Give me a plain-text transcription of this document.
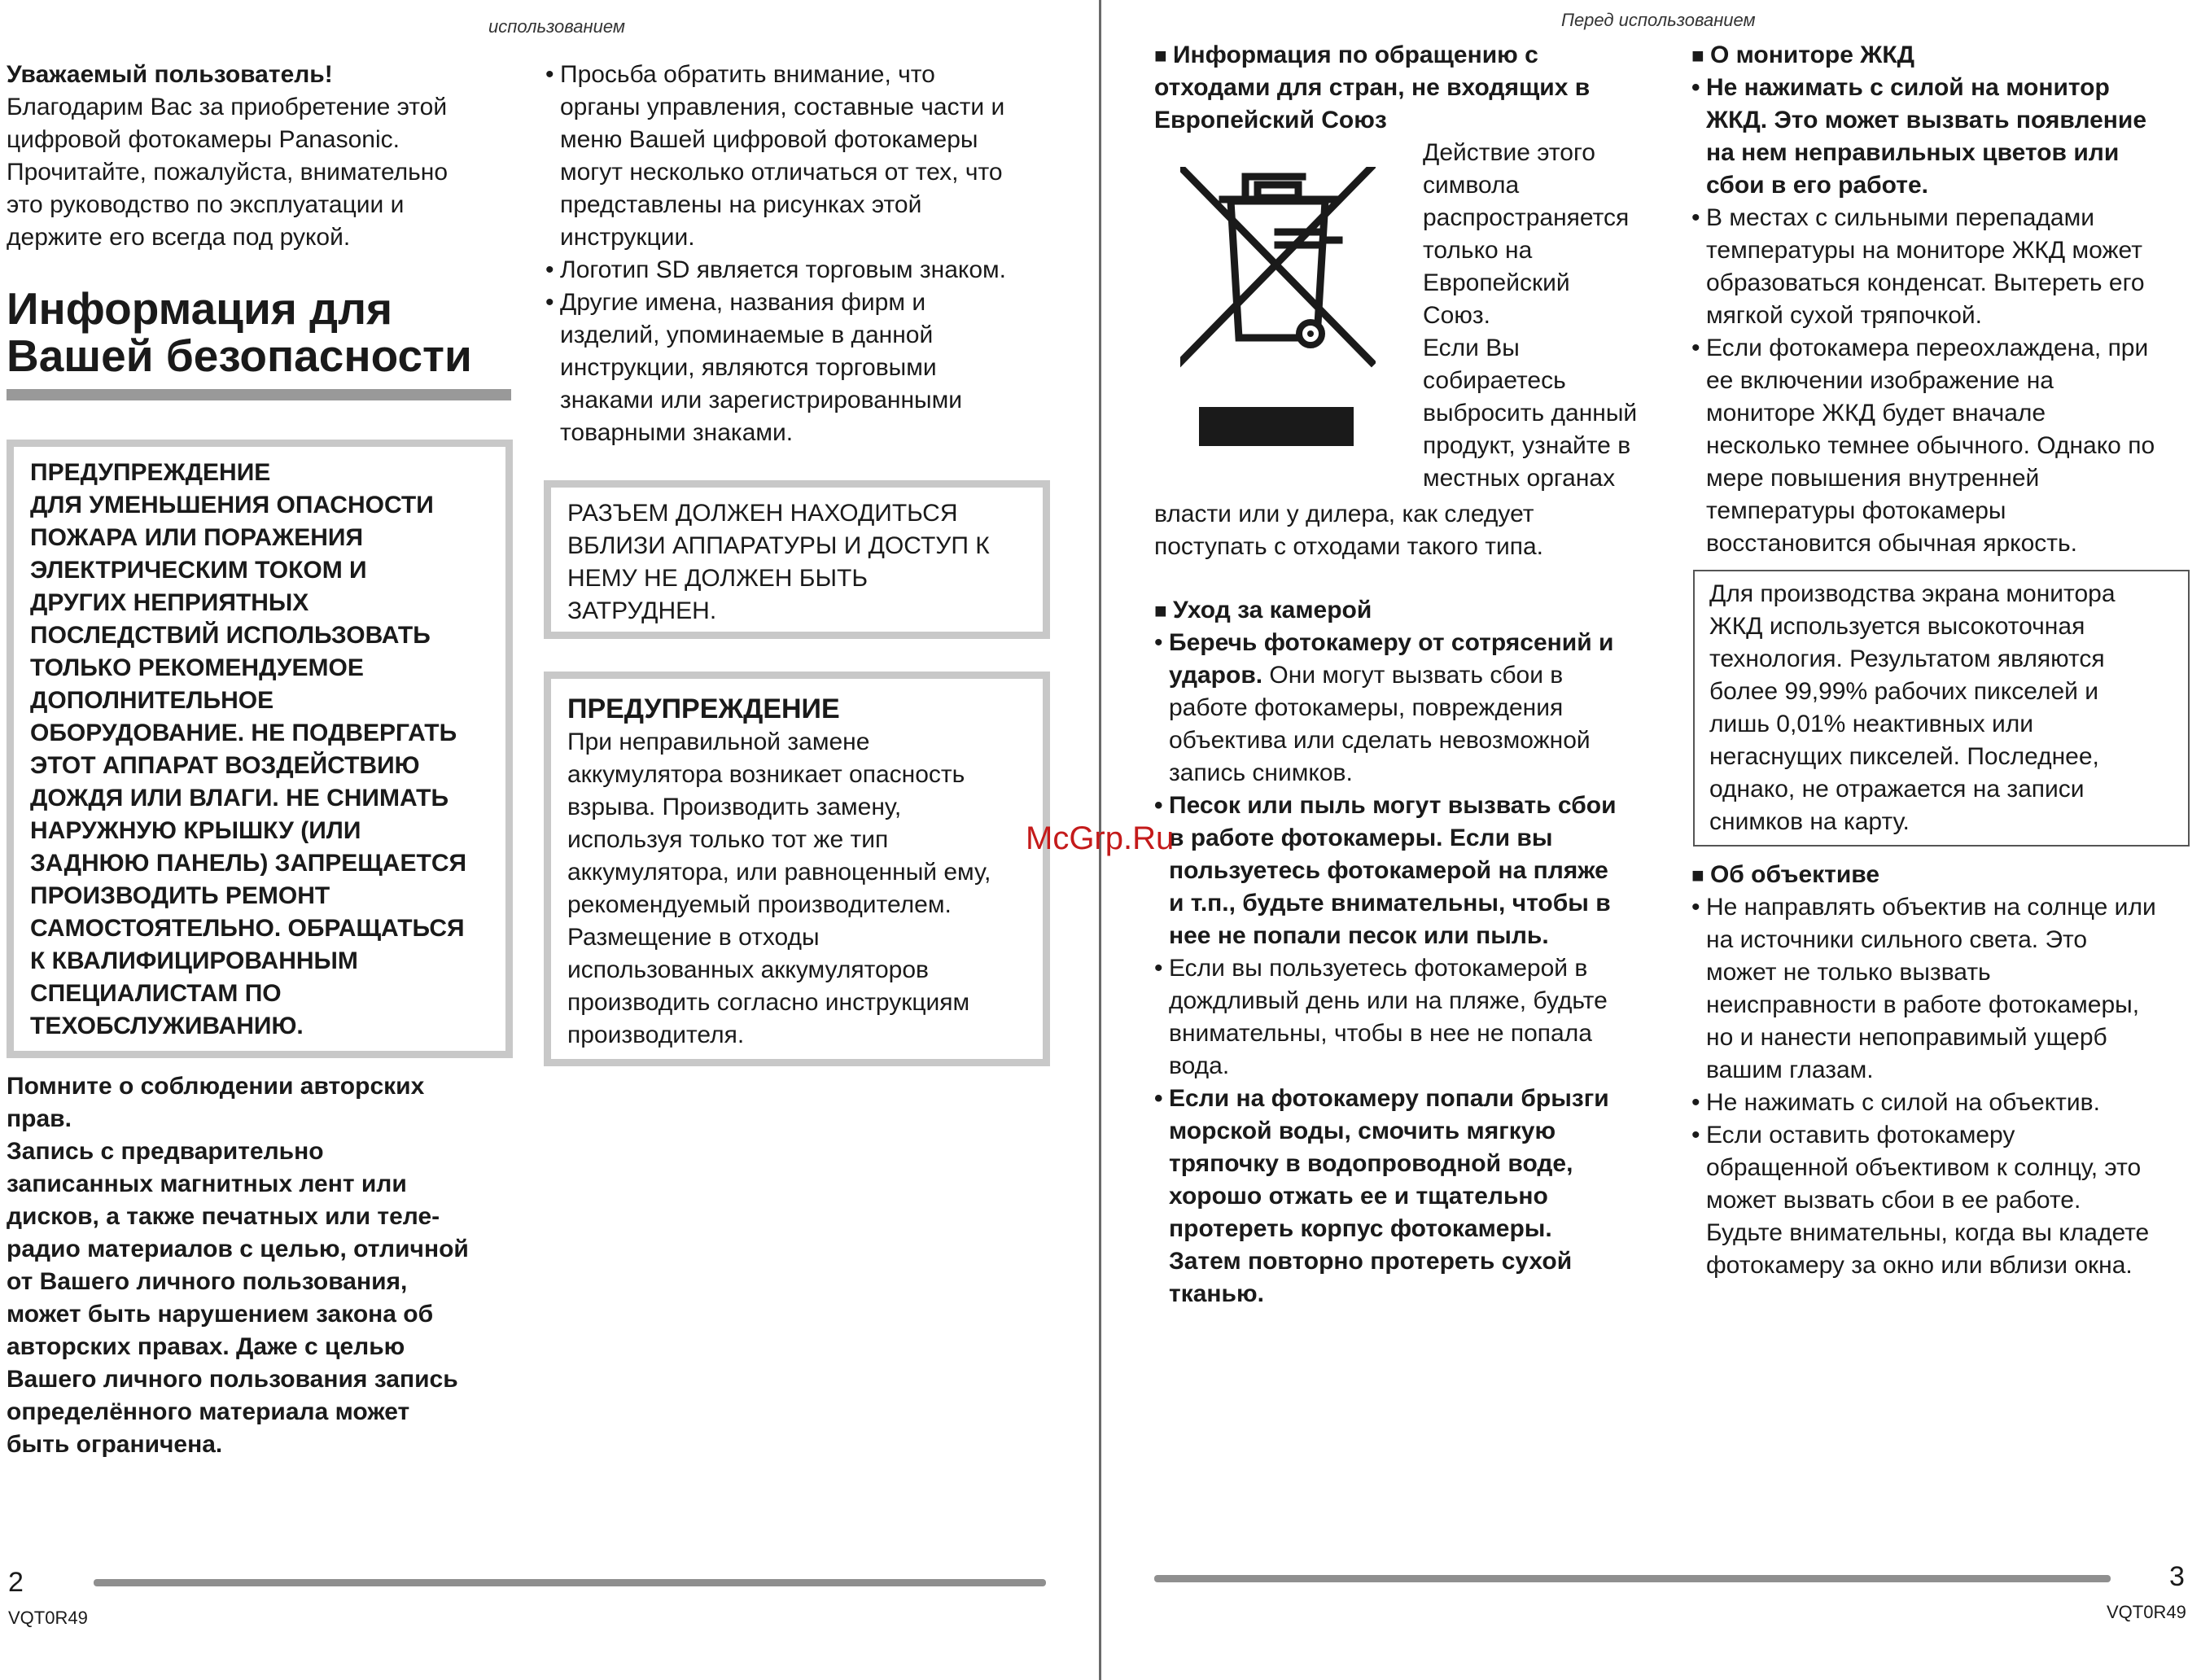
использованием

Уважаемый пользователь!

Благодарим Вас за приобретение этой
цифровой фотокамеры Panasonic.
Прочитайте, пожалуйста, внимательно
это руководство по эксплуатации и
держите его всегда под рукой.
Информация для
Вашей безопасности
ПРЕДУПРЕЖДЕНИЕ
ДЛЯ УМЕНЬШЕНИЯ ОПАСНОСТИ
ПОЖАРА ИЛИ ПОРАЖЕНИЯ
ЭЛЕКТРИЧЕСКИМ ТОКОМ И
ДРУГИХ НЕПРИЯТНЫХ
ПОСЛЕДСТВИЙ ИСПОЛЬЗОВАТЬ
ТОЛЬКО РЕКОМЕНДУЕМОЕ
ДОПОЛНИТЕЛЬНОЕ
ОБОРУДОВАНИЕ. НЕ ПОДВЕРГАТЬ
ЭТОТ АППАРАТ ВОЗДЕЙСТВИЮ
ДОЖДЯ ИЛИ ВЛАГИ. НЕ СНИМАТЬ
НАРУЖНУЮ КРЫШКУ (ИЛИ
ЗАДНЮЮ ПАНЕЛЬ) ЗАПРЕЩАЕТСЯ
ПРОИЗВОДИТЬ РЕМОНТ
САМОСТОЯТЕЛЬНО. ОБРАЩАТЬСЯ
К КВАЛИФИЦИРОВАННЫМ
СПЕЦИАЛИСТАМ ПО
ТЕХОБСЛУЖИВАНИЮ.
Помните о соблюдении авторских
прав.
Запись с предварительно
записанных магнитных лент или
дисков, а также печатных или теле-
радио материалов с целью, отличной
от Вашего личного пользования,
может быть нарушением закона об
авторских правах. Даже с целью
Вашего личного пользования запись
определённого материала может
быть ограничена.
• Просьба обратить внимание, что
органы управления, составные части и
меню Вашей цифровой фотокамеры
могут несколько отличаться от тех, что
представлены на рисунках этой
инструкции.
• Логотип SD является торговым знаком.
• Другие имена, названия фирм и
изделий, упоминаемые в данной
инструкции, являются торговыми
знаками или зарегистрированными
товарными знаками.
РАЗЪЕМ ДОЛЖЕН НАХОДИТЬСЯ
ВБЛИЗИ АППАРАТУРЫ И ДОСТУП К
НЕМУ НЕ ДОЛЖЕН БЫТЬ
ЗАТРУДНЕН.
ПРЕДУПРЕЖДЕНИЕ
При неправильной замене
аккумулятора возникает опасность
взрыва. Производить замену,
используя только тот же тип
аккумулятора, или равноценный ему,
рекомендуемый производителем.
Размещение в отходы
использованных аккумуляторов
производить согласно инструкциям
производителя.
2
VQT0R49
Перед использованием
■ Информация по обращению с
отходами для стран, не входящих в
Европейский Союз
Действие этого
символа
распространяется
только на
Европейский
Союз.
Если Вы
собираетесь
выбросить данный
продукт, узнайте в
местных органах
власти или у дилера, как следует
поступать с отходами такого типа.
■ Уход за камерой
• Беречь фотокамеру от сотрясений и
ударов. Они могут вызвать сбои в
работе фотокамеры, повреждения
объектива или сделать невозможной
запись снимков.
• Песок или пыль могут вызвать сбои
в работе фотокамеры. Если вы
пользуетесь фотокамерой на пляже
и т.п., будьте внимательны, чтобы в
нее не попали песок или пыль.
• Если вы пользуетесь фотокамерой в
дождливый день или на пляже, будьте
внимательны, чтобы в нее не попала
вода.
• Если на фотокамеру попали брызги
морской воды, смочить мягкую
тряпочку в водопроводной воде,
хорошо отжать ее и тщательно
протереть корпус фотокамеры.
Затем повторно протереть сухой
тканью.
■ О мониторе ЖКД
• Не нажимать с силой на монитор
ЖКД. Это может вызвать появление
на нем неправильных цветов или
сбои в его работе.
• В местах с сильными перепадами
температуры на мониторе ЖКД может
образоваться конденсат. Вытереть его
мягкой сухой тряпочкой.
• Если фотокамера переохлаждена, при
ее включении изображение на
мониторе ЖКД будет вначале
несколько темнее обычного. Однако по
мере повышения внутренней
температуры фотокамеры
восстановится обычная яркость.
Для производства экрана монитора
ЖКД используется высокоточная
технология. Результатом являются
более 99,99% рабочих пикселей и
лишь 0,01% неактивных или
негаснущих пикселей. Последнее,
однако, не отражается на записи
снимков на карту.
■ Об объективе
• Не направлять объектив на солнце или
на источники сильного света. Это
может не только вызвать
неисправности в работе фотокамеры,
но и нанести непоправимый ущерб
вашим глазам.
• Не нажимать с силой на объектив.
• Если оставить фотокамеру
обращенной объективом к солнцу, это
может вызвать сбои в ее работе.
Будьте внимательны, когда вы кладете
фотокамеру за окно или вблизи окна.
McGrp.Ru
3
VQT0R49
